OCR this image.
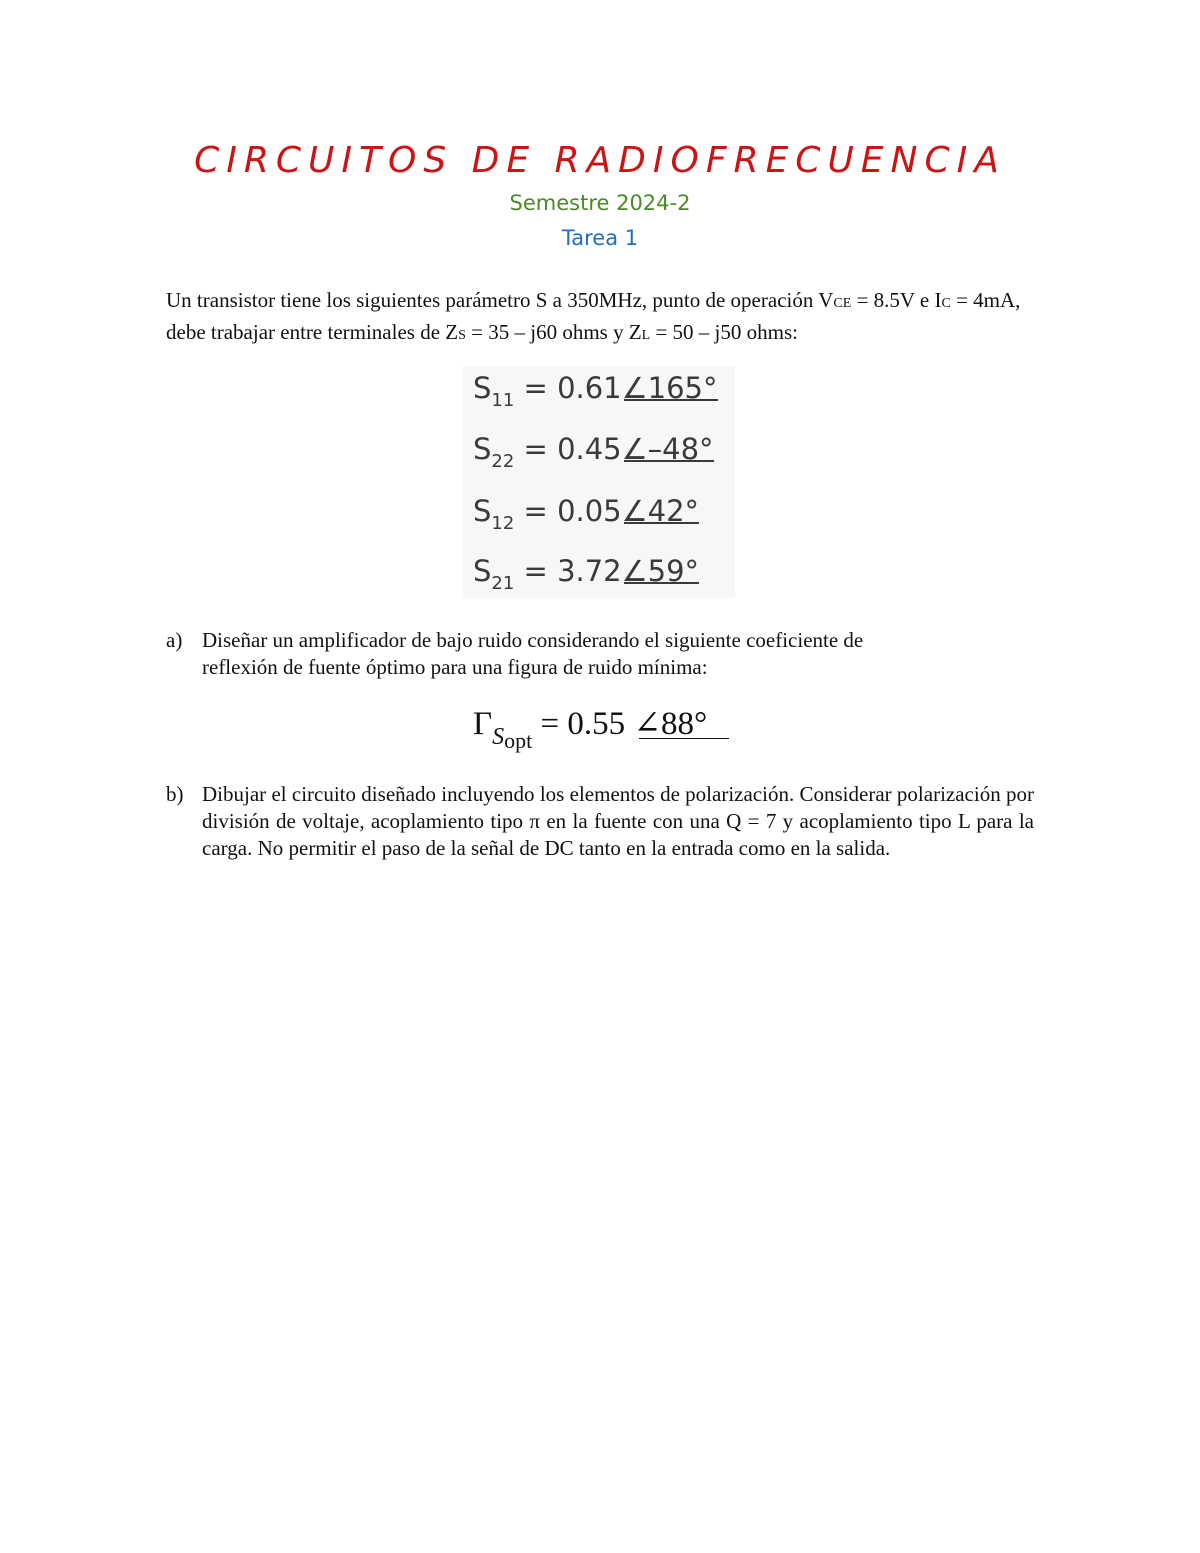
CIRCUITOS DE RADIOFRECUENCIA
Semestre 2024-2
Tarea 1
Un transistor tiene los siguientes parámetro S a 350MHz, punto de operación VCE = 8.5V e IC = 4mA, debe trabajar entre terminales de ZS = 35 – j60 ohms y ZL = 50 – j50 ohms:
$S_{11}$ = 0.61∠165°
$S_{22}$ = 0.45∠–48°
$S_{12}$ = 0.05∠42°
$S_{21}$ = 3.72∠59°
a) Diseñar un amplificador de bajo ruido considerando el siguiente coeficiente de
reflexión de fuente óptimo para una figura de ruido mínima:
$\Gamma_{Sopt} = 0.55$ ∠88°
b) Dibujar el circuito diseñado incluyendo los elementos de polarización. Considerar polarización por división de voltaje, acoplamiento tipo π en la fuente con una Q = 7 y acoplamiento tipo L para la carga. No permitir el paso de la señal de DC tanto en la entrada como en la salida.
